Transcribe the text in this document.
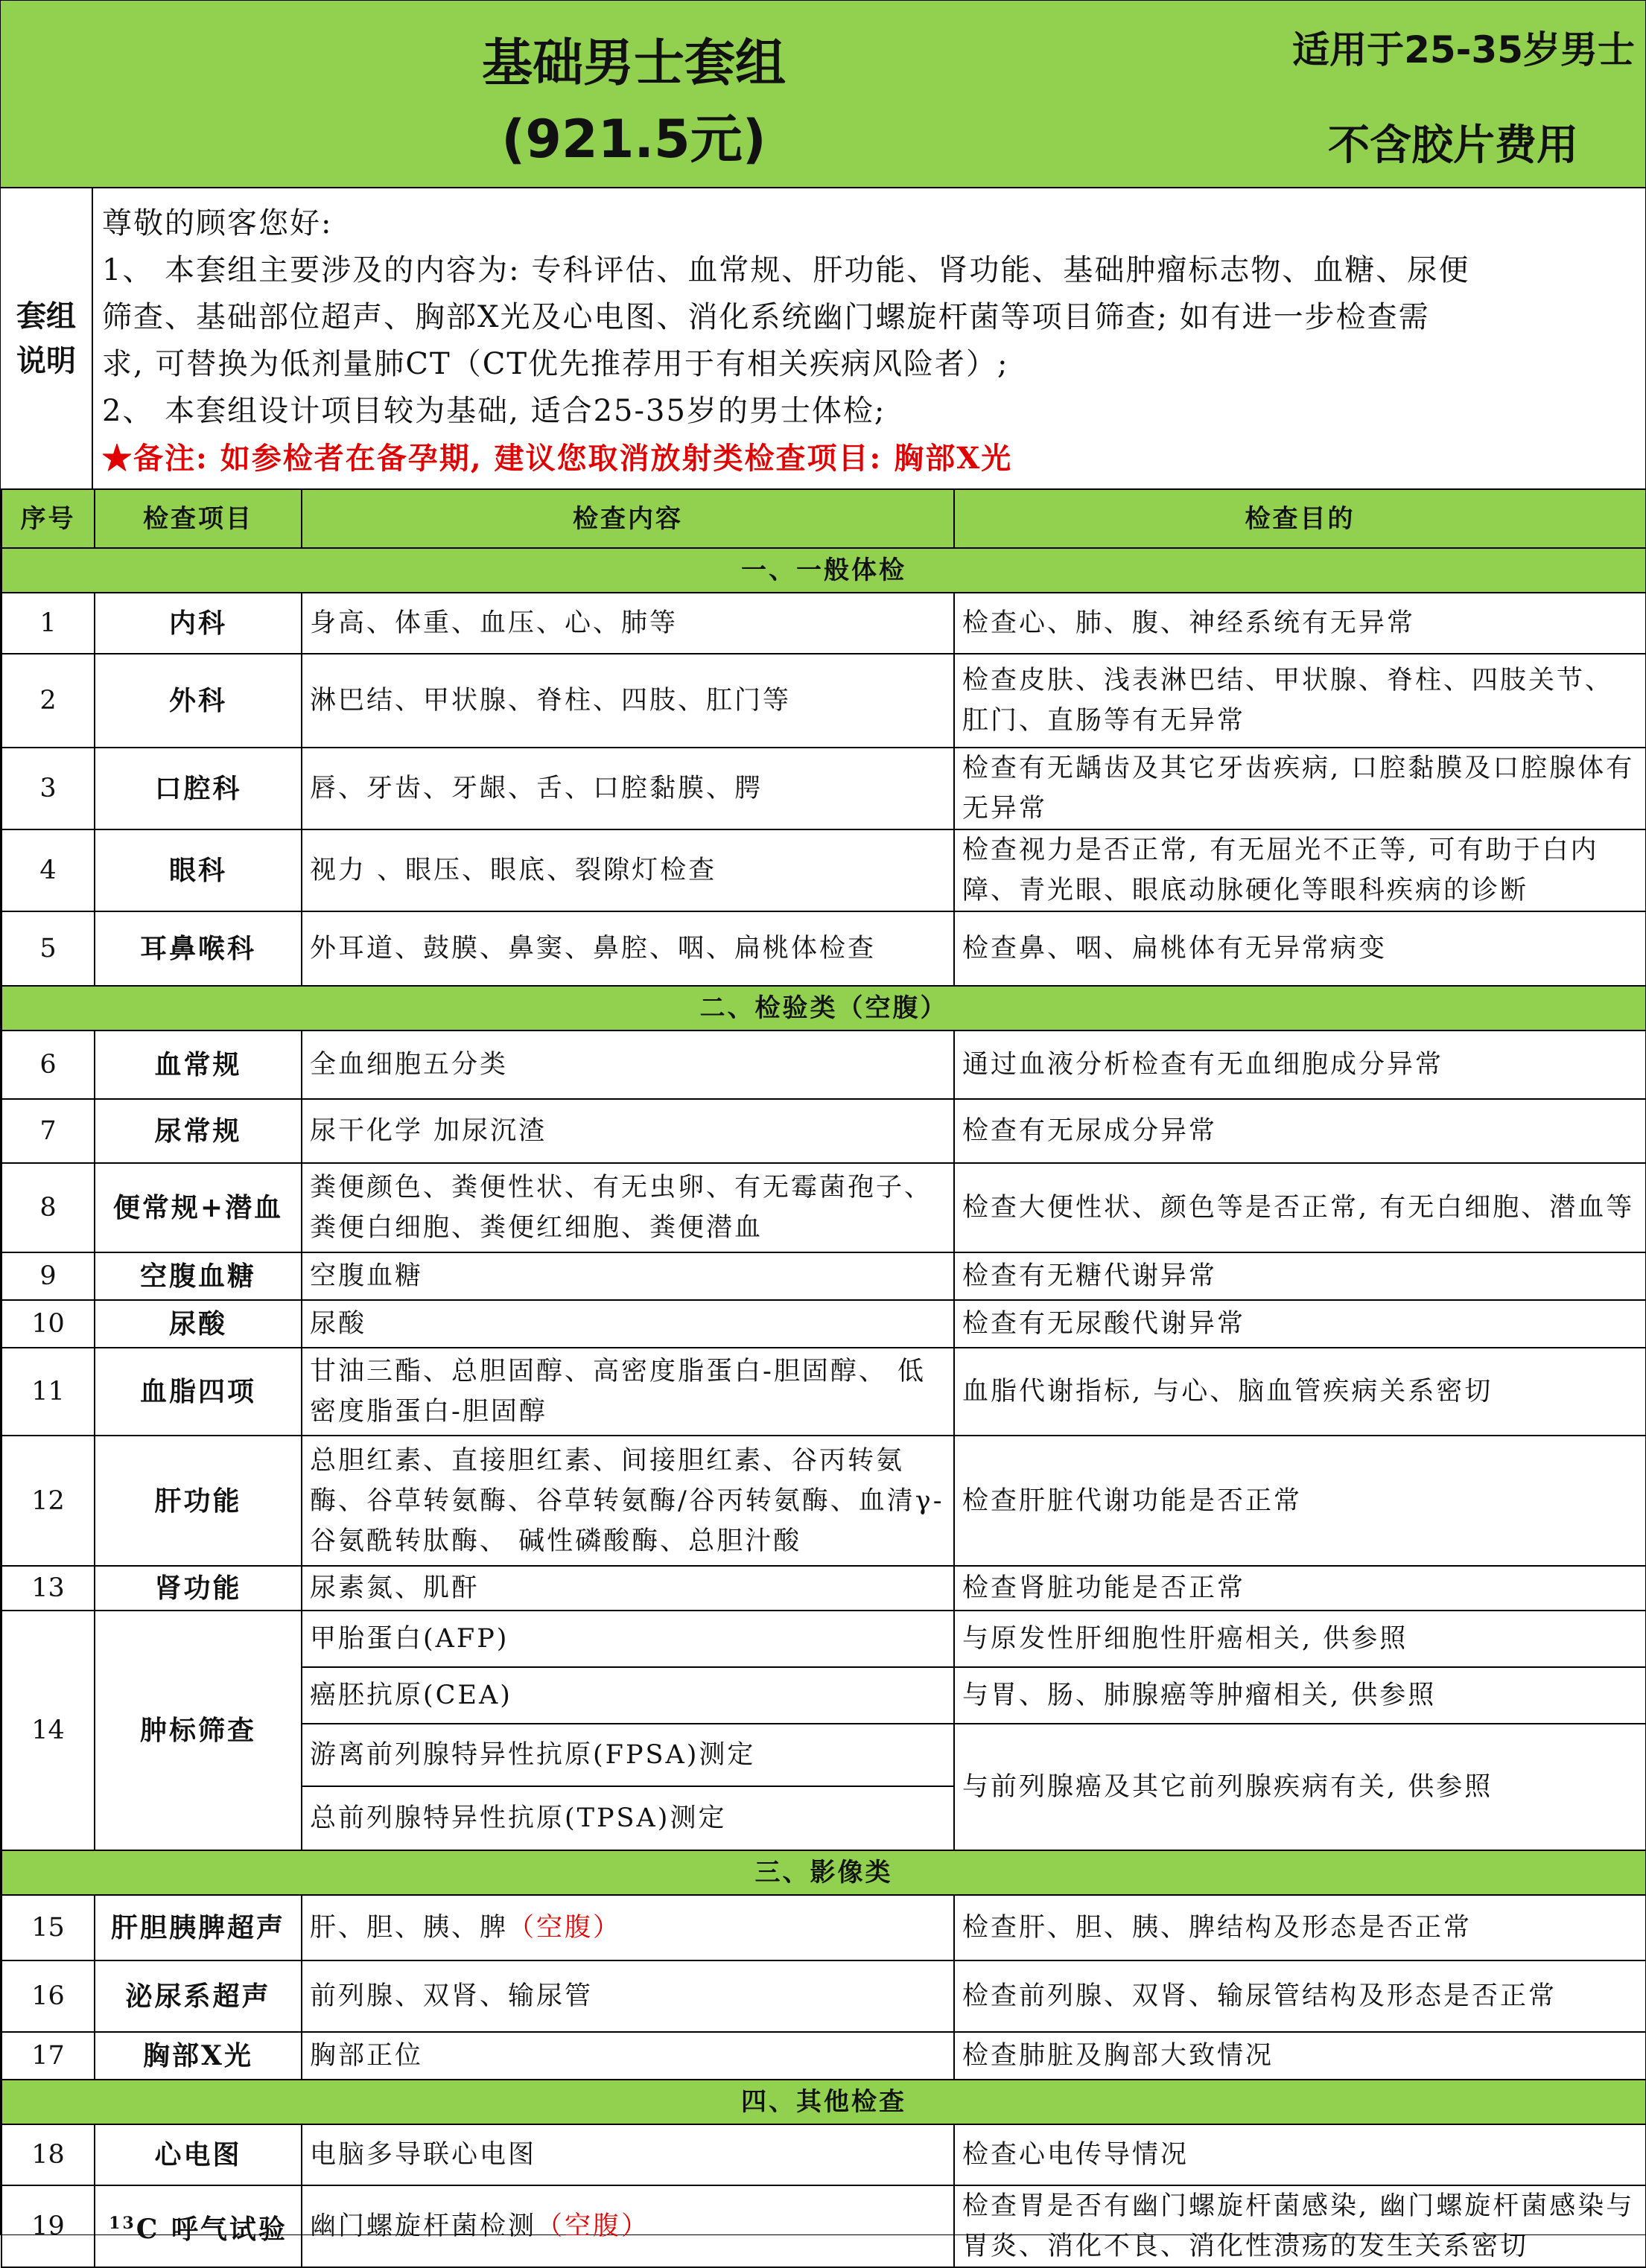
基础男士套组
(921.5元)
适用于25-35岁男士
不含胶片费用
套组
说明
尊敬的顾客您好:
1、 本套组主要涉及的内容为: 专科评估、血常规、肝功能、肾功能、基础肿瘤标志物、血糖、尿便
筛查、基础部位超声、胸部X光及心电图、消化系统幽门螺旋杆菌等项目筛查; 如有进一步检查需
求, 可替换为低剂量肺CT（CT优先推荐用于有相关疾病风险者）;
2、 本套组设计项目较为基础, 适合25-35岁的男士体检;
★备注: 如参检者在备孕期, 建议您取消放射类检查项目: 胸部X光
序号	检查项目	检查内容	检查目的
一、一般体检			
1	内科	身高、体重、血压、心、肺等	检查心、肺、腹、神经系统有无异常
2	外科	淋巴结、甲状腺、脊柱、四肢、肛门等	检查皮肤、浅表淋巴结、甲状腺、脊柱、四肢关节、肛门、直肠等有无异常
3	口腔科	唇、牙齿、牙龈、舌、口腔黏膜、腭	检查有无龋齿及其它牙齿疾病, 口腔黏膜及口腔腺体有无异常
4	眼科	视力 、眼压、眼底、裂隙灯检查	检查视力是否正常, 有无屈光不正等, 可有助于白内障、青光眼、眼底动脉硬化等眼科疾病的诊断
5	耳鼻喉科	外耳道、鼓膜、鼻窦、鼻腔、咽、扁桃体检查	检查鼻、咽、扁桃体有无异常病变
二、检验类（空腹）			
6	血常规	全血细胞五分类	通过血液分析检查有无血细胞成分异常
7	尿常规	尿干化学 加尿沉渣	检查有无尿成分异常
8	便常规+潜血	粪便颜色、粪便性状、有无虫卵、有无霉菌孢子、粪便白细胞、粪便红细胞、粪便潜血	检查大便性状、颜色等是否正常, 有无白细胞、潜血等
9	空腹血糖	空腹血糖	检查有无糖代谢异常
10	尿酸	尿酸	检查有无尿酸代谢异常
11	血脂四项	甘油三酯、总胆固醇、高密度脂蛋白-胆固醇、 低密度脂蛋白-胆固醇	血脂代谢指标, 与心、脑血管疾病关系密切
12	肝功能	总胆红素、直接胆红素、间接胆红素、谷丙转氨酶、谷草转氨酶、谷草转氨酶/谷丙转氨酶、血清γ-谷氨酰转肽酶、 碱性磷酸酶、总胆汁酸	检查肝脏代谢功能是否正常
13	肾功能	尿素氮、肌酐	检查肾脏功能是否正常
14	肿标筛查	甲胎蛋白(AFP)	与原发性肝细胞性肝癌相关, 供参照
		癌胚抗原(CEA)	与胃、肠、肺腺癌等肿瘤相关, 供参照
		游离前列腺特异性抗原(FPSA)测定	与前列腺癌及其它前列腺疾病有关, 供参照
		总前列腺特异性抗原(TPSA)测定	
三、影像类			
15	肝胆胰脾超声	肝、胆、胰、脾（空腹）	检查肝、胆、胰、脾结构及形态是否正常
16	泌尿系超声	前列腺、双肾、输尿管	检查前列腺、双肾、输尿管结构及形态是否正常
17	胸部X光	胸部正位	检查肺脏及胸部大致情况
四、其他检查			
18	心电图	电脑多导联心电图	检查心电传导情况
19	$^{13}$C 呼气试验	幽门螺旋杆菌检测（空腹）	检查胃是否有幽门螺旋杆菌感染, 幽门螺旋杆菌感染与胃炎、消化不良、消化性溃疡的发生关系密切
